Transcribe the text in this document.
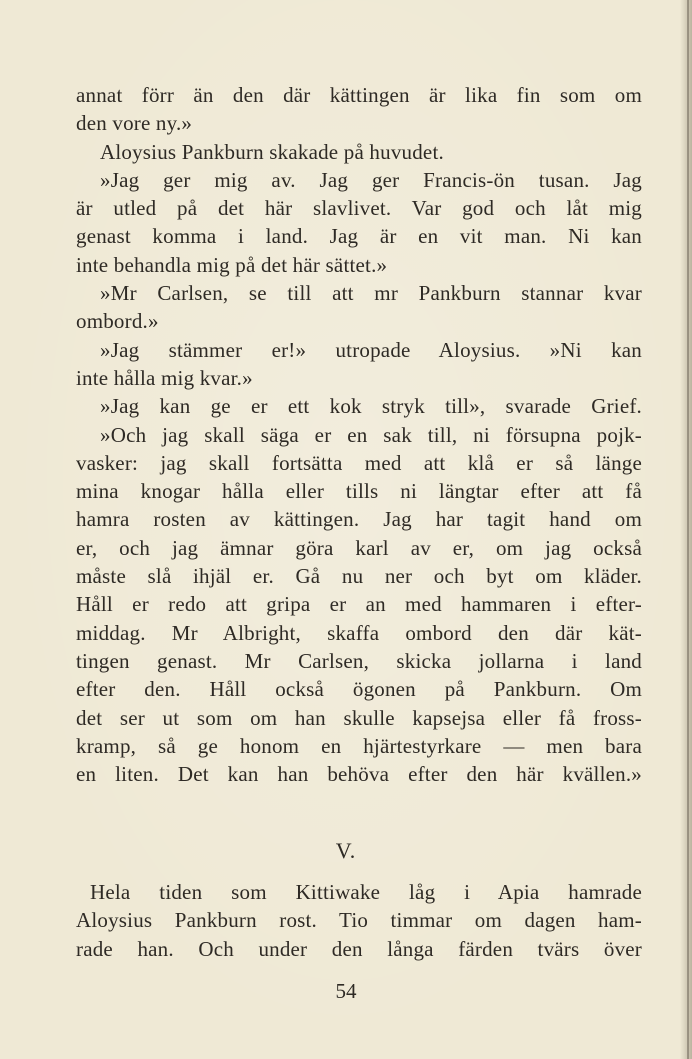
annat förr än den där kättingen är lika fin som om
den vore ny.»
Aloysius Pankburn skakade på huvudet.
»Jag ger mig av. Jag ger Francis-ön tusan. Jag
är utled på det här slavlivet. Var god och låt mig
genast komma i land. Jag är en vit man. Ni kan
inte behandla mig på det här sättet.»
»Mr Carlsen, se till att mr Pankburn stannar kvar
ombord.»
»Jag stämmer er!» utropade Aloysius. »Ni kan
inte hålla mig kvar.»
»Jag kan ge er ett kok stryk till», svarade Grief.
»Och jag skall säga er en sak till, ni försupna pojk-
vasker: jag skall fortsätta med att klå er så länge
mina knogar hålla eller tills ni längtar efter att få
hamra rosten av kättingen. Jag har tagit hand om
er, och jag ämnar göra karl av er, om jag också
måste slå ihjäl er. Gå nu ner och byt om kläder.
Håll er redo att gripa er an med hammaren i efter-
middag. Mr Albright, skaffa ombord den där kät-
tingen genast. Mr Carlsen, skicka jollarna i land
efter den. Håll också ögonen på Pankburn. Om
det ser ut som om han skulle kapsejsa eller få fross-
kramp, så ge honom en hjärtestyrkare — men bara
en liten. Det kan han behöva efter den här kvällen.»
V.
Hela tiden som Kittiwake låg i Apia hamrade
Aloysius Pankburn rost. Tio timmar om dagen ham-
rade han. Och under den långa färden tvärs över
54
